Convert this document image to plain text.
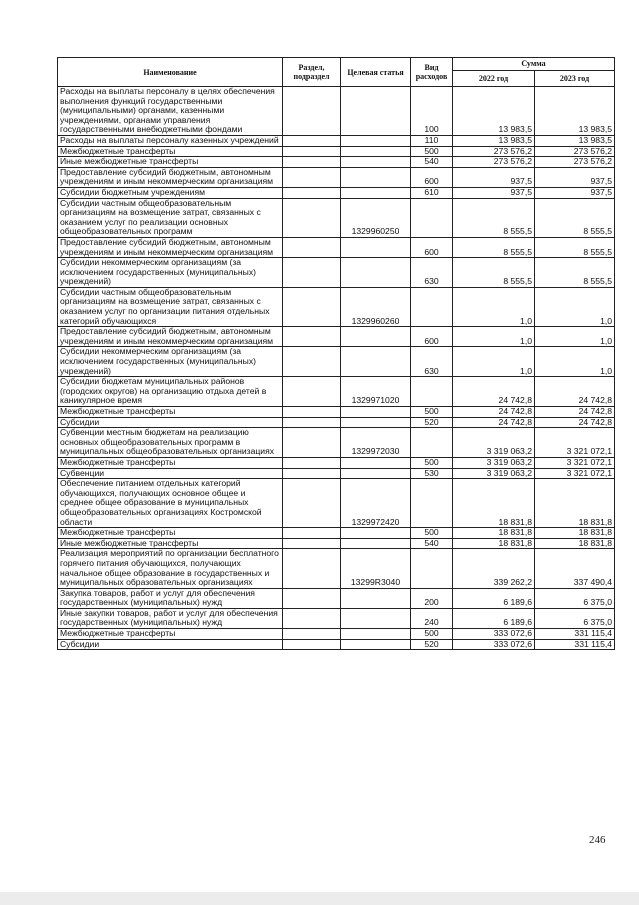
Наименование	Раздел, подраздел	Целевая статья	Вид расходов	Сумма	
				2022 год	2023 год
Расходы на выплаты персоналу в целях обеспечения выполнения функций государственными (муниципальными) органами, казенными учреждениями, органами управления государственными внебюджетными фондами			100	13 983,5	13 983,5
Расходы на выплаты персоналу казенных учреждений			110	13 983,5	13 983,5
Межбюджетные трансферты			500	273 576,2	273 576,2
Иные межбюджетные трансферты			540	273 576,2	273 576,2
Предоставление субсидий бюджетным, автономным учреждениям и иным некоммерческим организациям			600	937,5	937,5
Субсидии бюджетным учреждениям			610	937,5	937,5
Субсидии частным общеобразовательным организациям на возмещение затрат, связанных с оказанием услуг по реализации основных общеобразовательных программ		1329960250		8 555,5	8 555,5
Предоставление субсидий бюджетным, автономным учреждениям и иным некоммерческим организациям			600	8 555,5	8 555,5
Субсидии некоммерческим организациям (за исключением государственных (муниципальных) учреждений)			630	8 555,5	8 555,5
Субсидии частным общеобразовательным организациям на возмещение затрат, связанных с оказанием услуг по организации питания отдельных категорий обучающихся		1329960260		1,0	1,0
Предоставление субсидий бюджетным, автономным учреждениям и иным некоммерческим организациям			600	1,0	1,0
Субсидии некоммерческим организациям (за исключением государственных (муниципальных) учреждений)			630	1,0	1,0
Субсидии бюджетам муниципальных районов (городских округов) на организацию отдыха детей в каникулярное время		1329971020		24 742,8	24 742,8
Межбюджетные трансферты			500	24 742,8	24 742,8
Субсидии			520	24 742,8	24 742,8
Субвенции местным бюджетам на реализацию основных общеобразовательных программ в муниципальных общеобразовательных организациях		1329972030		3 319 063,2	3 321 072,1
Межбюджетные трансферты			500	3 319 063,2	3 321 072,1
Субвенции			530	3 319 063,2	3 321 072,1
Обеспечение питанием отдельных категорий обучающихся, получающих основное общее и среднее общее образование в муниципальных общеобразовательных организациях Костромской области		1329972420		18 831,8	18 831,8
Межбюджетные трансферты			500	18 831,8	18 831,8
Иные межбюджетные трансферты			540	18 831,8	18 831,8
Реализация мероприятий по организации бесплатного горячего питания обучающихся, получающих начальное общее образование в государственных и муниципальных образовательных организациях		13299R3040		339 262,2	337 490,4
Закупка товаров, работ и услуг для обеспечения государственных (муниципальных) нужд			200	6 189,6	6 375,0
Иные закупки товаров, работ и услуг для обеспечения государственных (муниципальных) нужд			240	6 189,6	6 375,0
Межбюджетные трансферты			500	333 072,6	331 115,4
Субсидии			520	333 072,6	331 115,4
246
